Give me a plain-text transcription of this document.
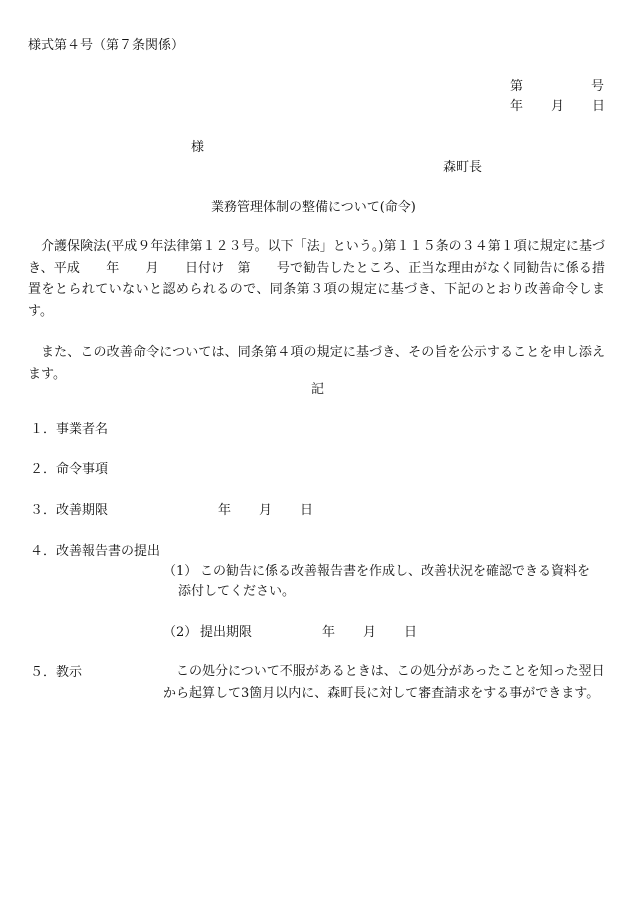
様式第４号（第７条関係）
第	号
年 月 日
様
森町長
業務管理体制の整備について(命令)
介護保険法(平成９年法律第１２３号。以下「法」という。)第１１５条の３４第１項に規定に基づき、平成　　年　　月　　日付け　第　　号で勧告したところ、正当な理由がなく同勧告に係る措置をとられていないと認められるので、同条第３項の規定に基づき、下記のとおり改善命令します。
また、この改善命令については、同条第４項の規定に基づき、その旨を公示することを申し添えます。
記
１．事業者名
２．命令事項
３．改善期限	年 月 日
４．改善報告書の提出
（1） この勧告に係る改善報告書を作成し、改善状況を確認できる資料を
添付してください。
（2） 提出期限	年 月 日
５．教示	この処分について不服があるときは、この処分があったことを知った翌日から起算して3箇月以内に、森町長に対して審査請求をする事ができます。
